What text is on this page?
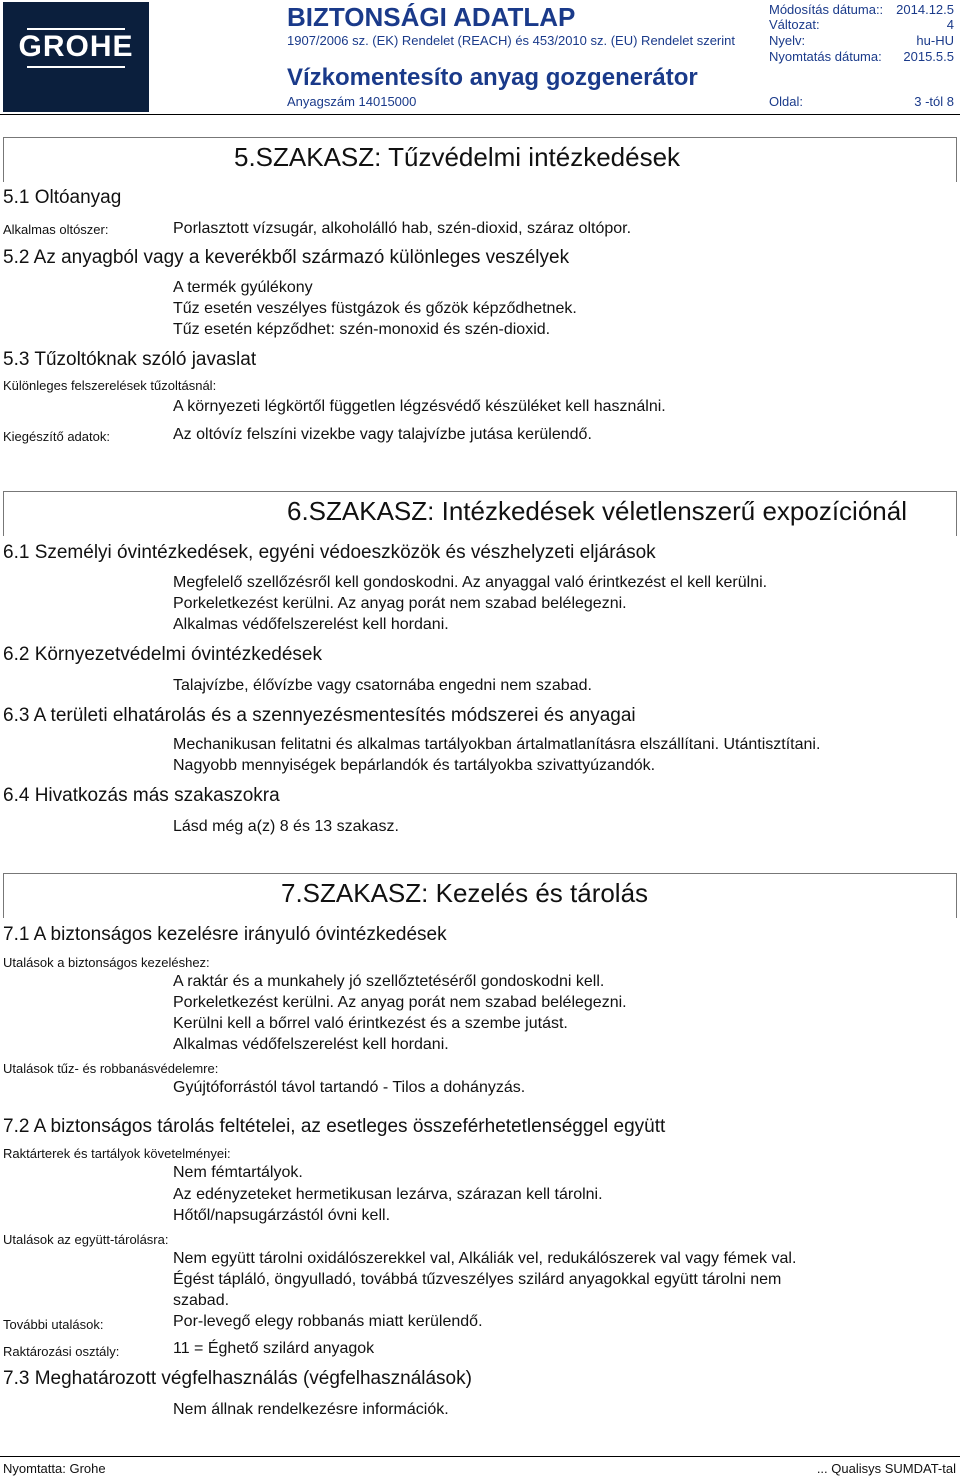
GROHE
BIZTONSÁGI ADATLAP
1907/2006 sz. (EK) Rendelet (REACH) és 453/2010 sz. (EU) Rendelet szerint
Vízkomentesíto anyag gozgenerátor
Anyagszám 14015000
Módosítás dátuma:: 2014.12.5
Változat:	4
Nyelv:	hu-HU
Nyomtatás dátuma: 2015.5.5
Oldal:	3 -tól 8
5.SZAKASZ: Tűzvédelmi intézkedések
5.1 Oltóanyag
Alkalmas oltószer:	Porlasztott vízsugár, alkoholálló hab, szén-dioxid, száraz oltópor.
5.2 Az anyagból vagy a keverékből származó különleges veszélyek
A termék gyúlékony
Tűz esetén veszélyes füstgázok és gőzök képződhetnek.
Tűz esetén képződhet: szén-monoxid és szén-dioxid.
5.3 Tűzoltóknak szóló javaslat
Különleges felszerelések tűzoltásnál:
A környezeti légkörtől független légzésvédő készüléket kell használni.
Kiegészítő adatok:	Az oltóvíz felszíni vizekbe vagy talajvízbe jutása kerülendő.
6.SZAKASZ: Intézkedések véletlenszerű expozíciónál
6.1 Személyi óvintézkedések, egyéni védoeszközök és vészhelyzeti eljárások
Megfelelő szellőzésről kell gondoskodni. Az anyaggal való érintkezést el kell kerülni.
Porkeletkezést kerülni. Az anyag porát nem szabad belélegezni.
Alkalmas védőfelszerelést kell hordani.
6.2 Környezetvédelmi óvintézkedések
Talajvízbe, élővízbe vagy csatornába engedni nem szabad.
6.3 A területi elhatárolás és a szennyezésmentesítés módszerei és anyagai
Mechanikusan felitatni és alkalmas tartályokban ártalmatlanításra elszállítani. Utántisztítani.
Nagyobb mennyiségek bepárlandók és tartályokba szivattyúzandók.
6.4 Hivatkozás más szakaszokra
Lásd még a(z) 8 és 13 szakasz.
7.SZAKASZ: Kezelés és tárolás
7.1 A biztonságos kezelésre irányuló óvintézkedések
Utalások a biztonságos kezeléshez:
A raktár és a munkahely jó szellőztetéséről gondoskodni kell.
Porkeletkezést kerülni. Az anyag porát nem szabad belélegezni.
Kerülni kell a bőrrel való érintkezést és a szembe jutást.
Alkalmas védőfelszerelést kell hordani.
Utalások tűz- és robbanásvédelemre:
Gyújtóforrástól távol tartandó - Tilos a dohányzás.
7.2 A biztonságos tárolás feltételei, az esetleges összeférhetetlenséggel együtt
Raktárterek és tartályok követelményei:
Nem fémtartályok.
Az edényzeteket hermetikusan lezárva, szárazan kell tárolni.
Hőtől/napsugárzástól óvni kell.
Utalások az együtt-tárolásra:
Nem együtt tárolni oxidálószerekkel val, Alkáliák vel, redukálószerek val vagy fémek val.
Égést tápláló, öngyulladó, továbbá tűzveszélyes szilárd anyagokkal együtt tárolni nem
szabad.
További utalások:	Por-levegő elegy robbanás miatt kerülendő.
Raktározási osztály:	11 = Éghető szilárd anyagok
7.3 Meghatározott végfelhasználás (végfelhasználások)
Nem állnak rendelkezésre információk.
Nyomtatta: Grohe	... Qualisys SUMDAT-tal
